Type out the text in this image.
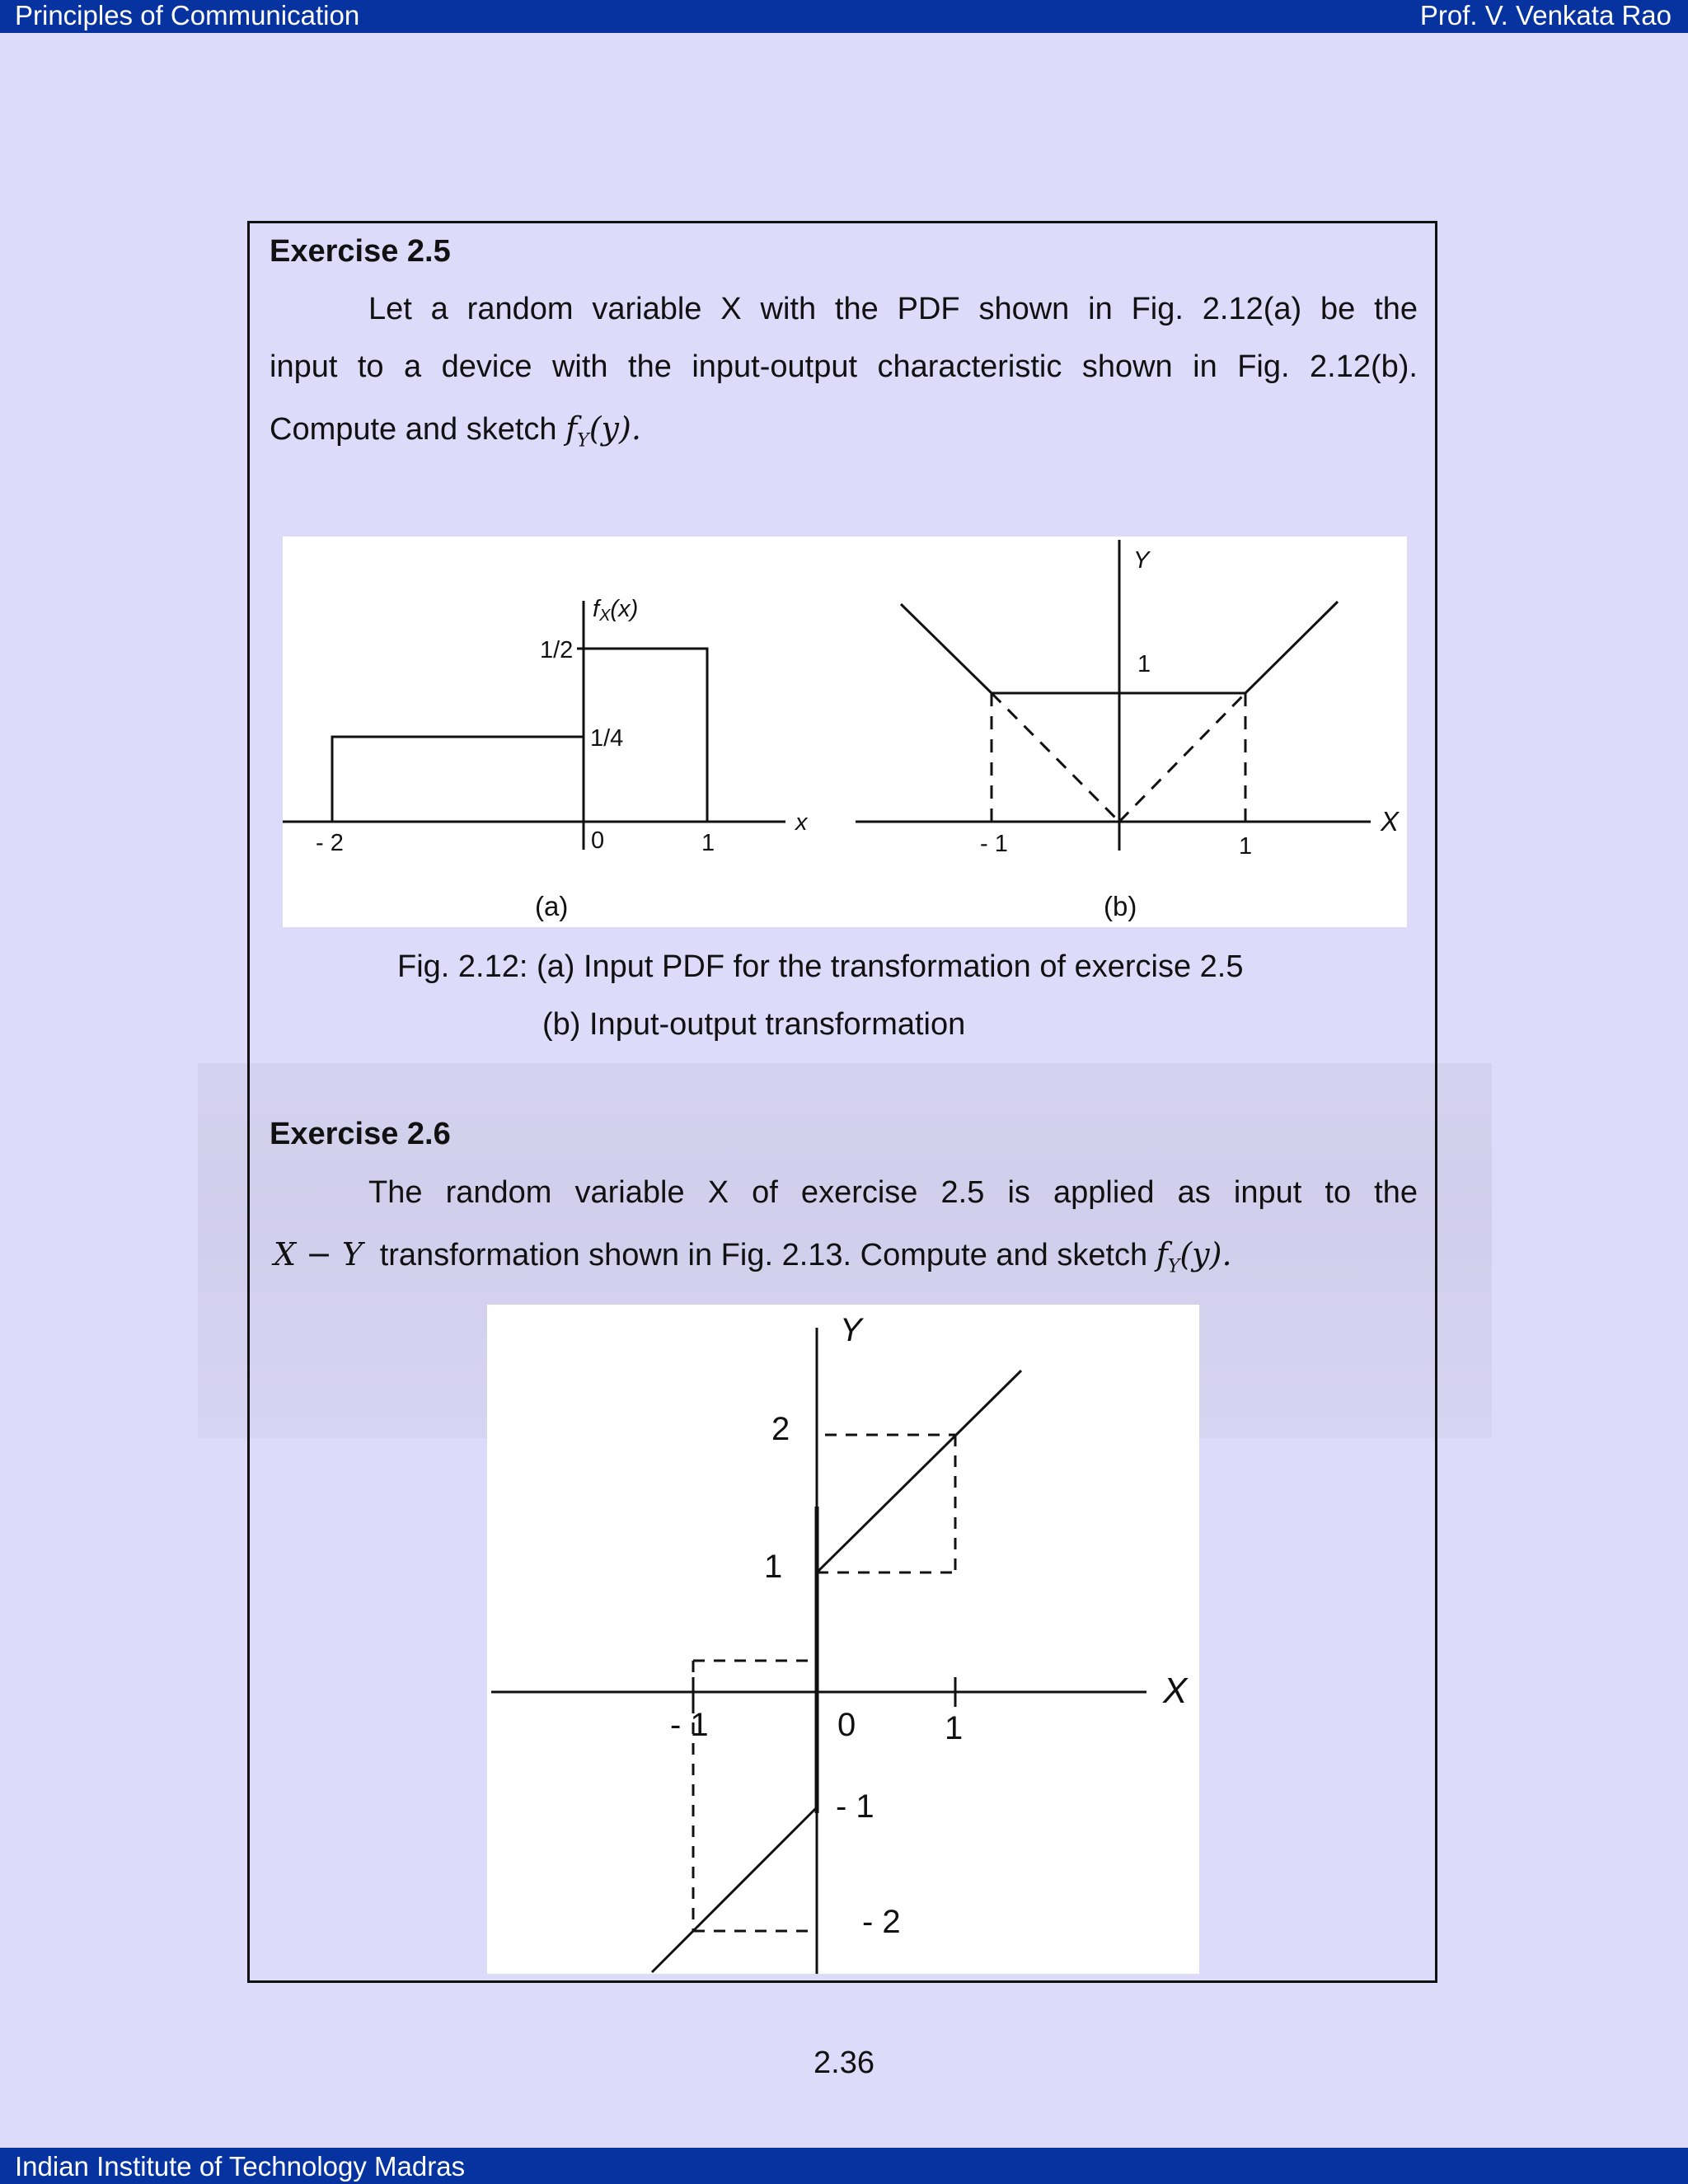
Principles of Communication	Prof. V. Venkata Rao
Exercise 2.5
Let a random variable X with the PDF shown in Fig. 2.12(a) be the
input to a device with the input-output characteristic shown in Fig. 2.12(b).
Compute and sketch $f_Y(y)$.
fX(x)
1/2
1/4
- 2	0	1
x
(a)
Y
1
- 1	1
X
(b)
Fig. 2.12: (a) Input PDF for the transformation of exercise 2.5
(b) Input-output transformation
Exercise 2.6
The random variable X of exercise 2.5 is applied as input to the
X − Y transformation shown in Fig. 2.13. Compute and sketch $f_Y(y)$.
Y
X
2
1
- 1
- 2
- 1	0	1
2.36
Indian Institute of Technology Madras
